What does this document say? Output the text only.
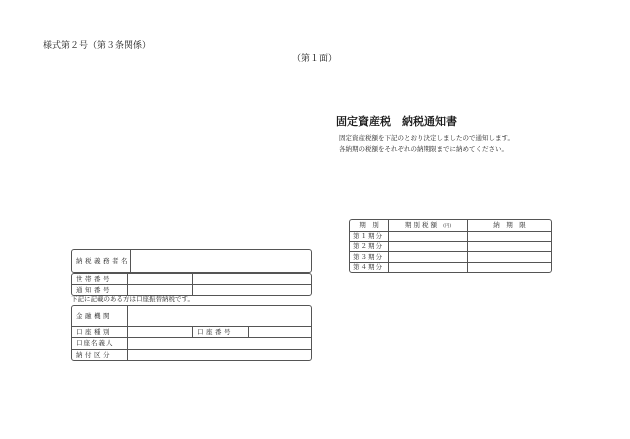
様式第２号（第３条関係）
（第１面）
固定資産税　納税通知書
固定資産税額を下記のとおり決定しましたので通知します。
各納期の税額をそれぞれの納期限までに納めてください。
納税義務者名	
世帯番号		
通知番号		
下記に記載のある方は口座振替納税です。
金融機関			
口座種別		口座番号	
口座名義人			
納付区分			
期　別	期 別 税 額 (円)	納　期　限
第１期分		
第２期分		
第３期分		
第４期分		
